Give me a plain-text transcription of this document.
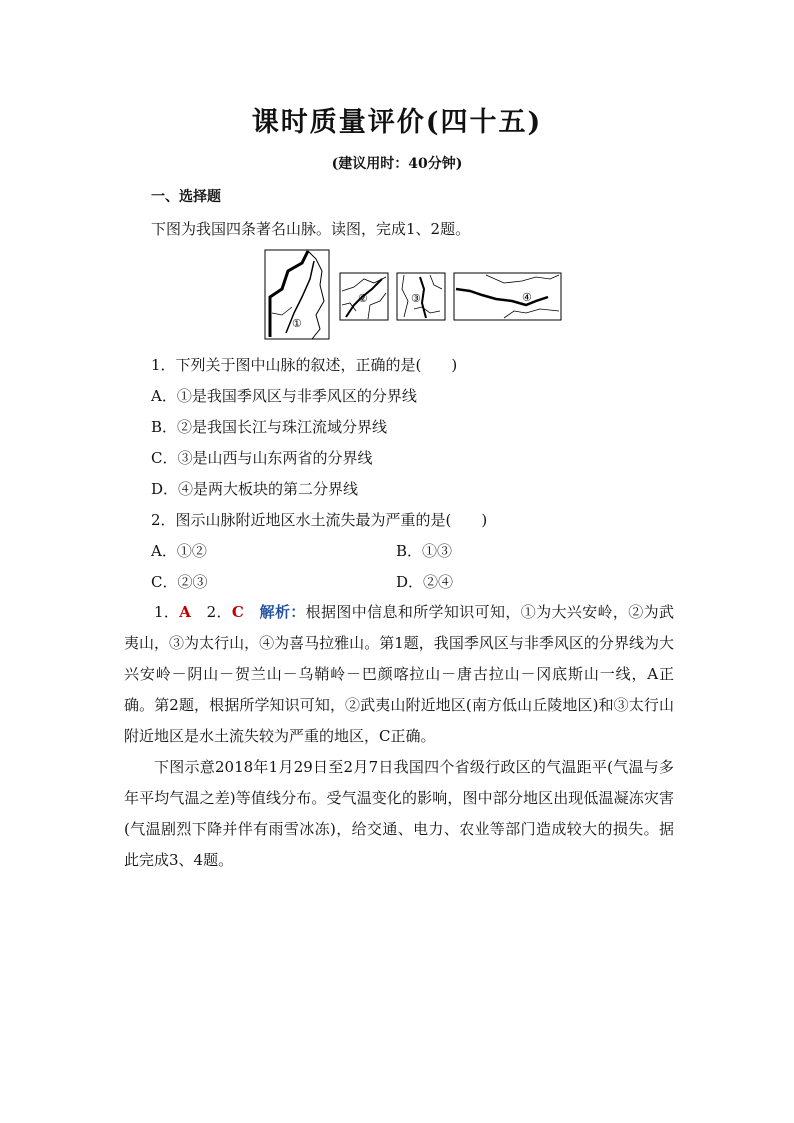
课时质量评价(四十五)
(建议用时：40分钟)
一、选择题
下图为我国四条著名山脉。读图，完成1、2题。
①
②	③	④
1．下列关于图中山脉的叙述，正确的是(　　)
A．①是我国季风区与非季风区的分界线
B．②是我国长江与珠江流域分界线
C．③是山西与山东两省的分界线
D．④是两大板块的第二分界线
2．图示山脉附近地区水土流失最为严重的是(　　)
A．①②	B．①③
C．②③	D．②④

1．A　2．C　解析：根据图中信息和所学知识可知，①为大兴安岭，②为武夷山，③为太行山，④为喜马拉雅山。第1题，我国季风区与非季风区的分界线为大兴安岭－阴山－贺兰山－乌鞘岭－巴颜喀拉山－唐古拉山－冈底斯山一线，A正确。第2题，根据所学知识可知，②武夷山附近地区(南方低山丘陵地区)和③太行山附近地区是水土流失较为严重的地区，C正确。

下图示意2018年1月29日至2月7日我国四个省级行政区的气温距平(气温与多年平均气温之差)等值线分布。受气温变化的影响，图中部分地区出现低温凝冻灾害(气温剧烈下降并伴有雨雪冰冻)，给交通、电力、农业等部门造成较大的损失。据此完成3、4题。
